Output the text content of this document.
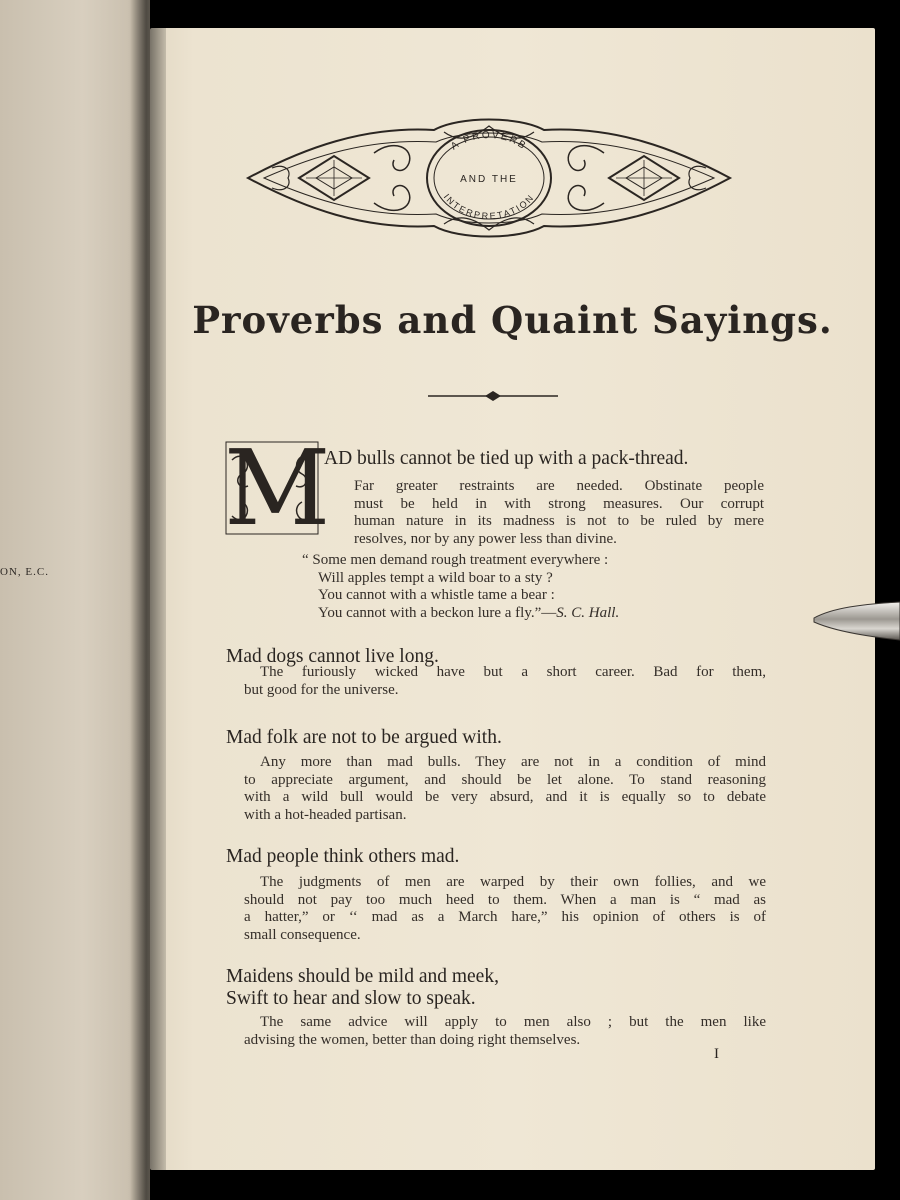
ON, E.C.
A PROVERB
AND THE
INTERPRETATION
Proverbs and Quaint Sayings.
M
AD bulls cannot be tied up with a pack-thread.
Far greater restraints are needed. Obstinate people
must be held in with strong measures. Our corrupt
human nature in its madness is not to be ruled by mere
resolves, nor by any power less than divine.
“ Some men demand rough treatment everywhere :
Will apples tempt a wild boar to a sty ?
You cannot with a whistle tame a bear :
You cannot with a beckon lure a fly.”—S. C. Hall.
Mad dogs cannot live long.
The furiously wicked have but a short career. Bad for them,
but good for the universe.
Mad folk are not to be argued with.
Any more than mad bulls. They are not in a condition of mind
to appreciate argument, and should be let alone. To stand reasoning
with a wild bull would be very absurd, and it is equally so to debate
with a hot-headed partisan.
Mad people think others mad.
The judgments of men are warped by their own follies, and we
should not pay too much heed to them. When a man is “ mad as
a hatter,” or ‘‘ mad as a March hare,” his opinion of others is of
small consequence.
Maidens should be mild and meek,
Swift to hear and slow to speak.
The same advice will apply to men also ; but the men like
advising the women, better than doing right themselves.
I
